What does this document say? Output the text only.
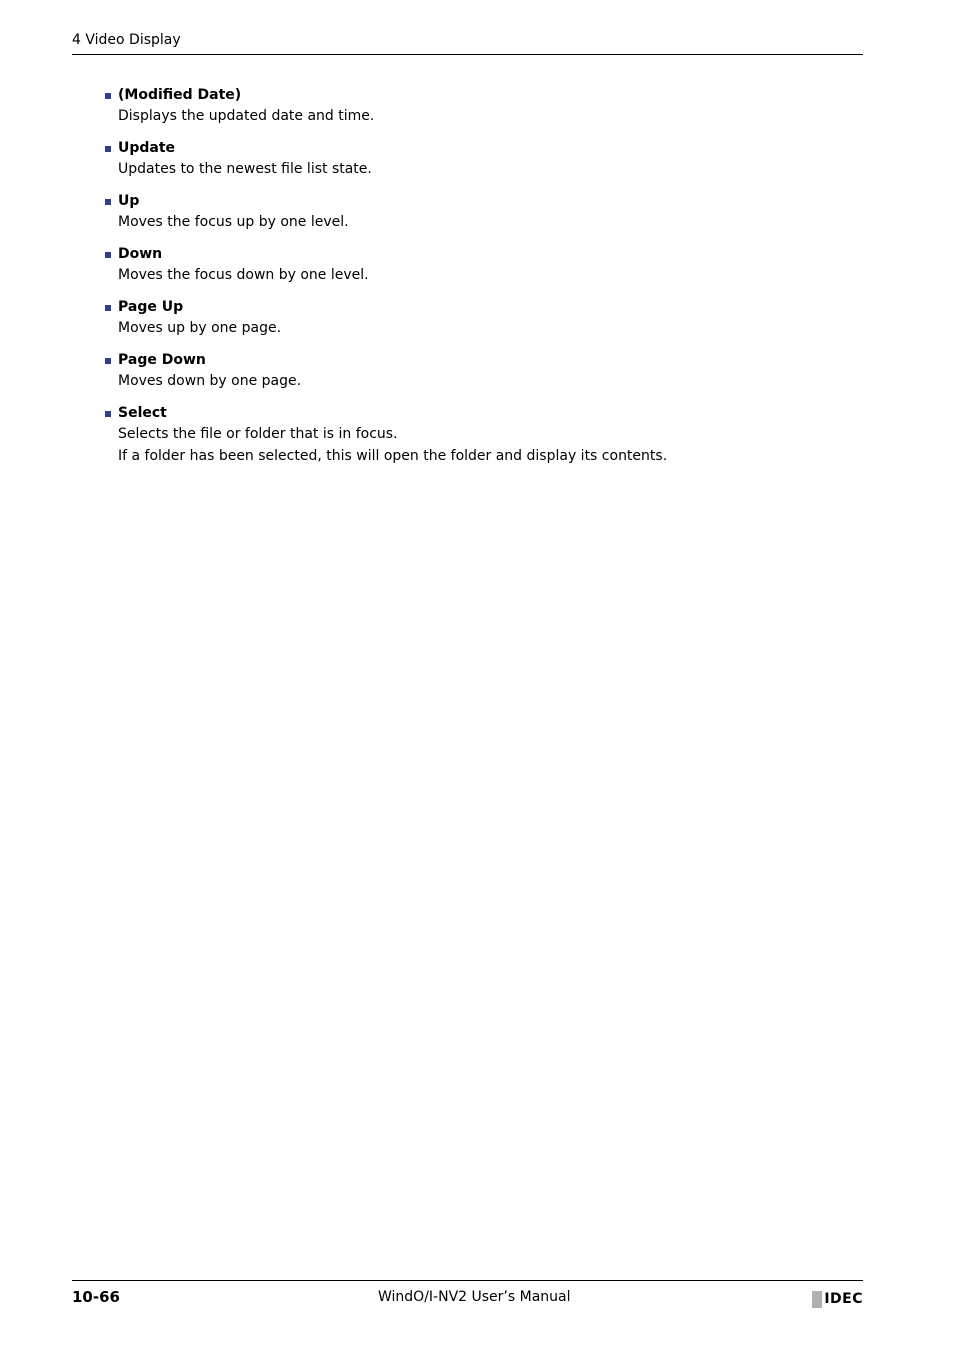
4 Video Display
(Modified Date)
Displays the updated date and time.
Update
Updates to the newest file list state.
Up
Moves the focus up by one level.
Down
Moves the focus down by one level.
Page Up
Moves up by one page.
Page Down
Moves down by one page.
Select
Selects the file or folder that is in focus.
If a folder has been selected, this will open the folder and display its contents.
10-66	WindO/I-NV2 User’s Manual	IDEC
